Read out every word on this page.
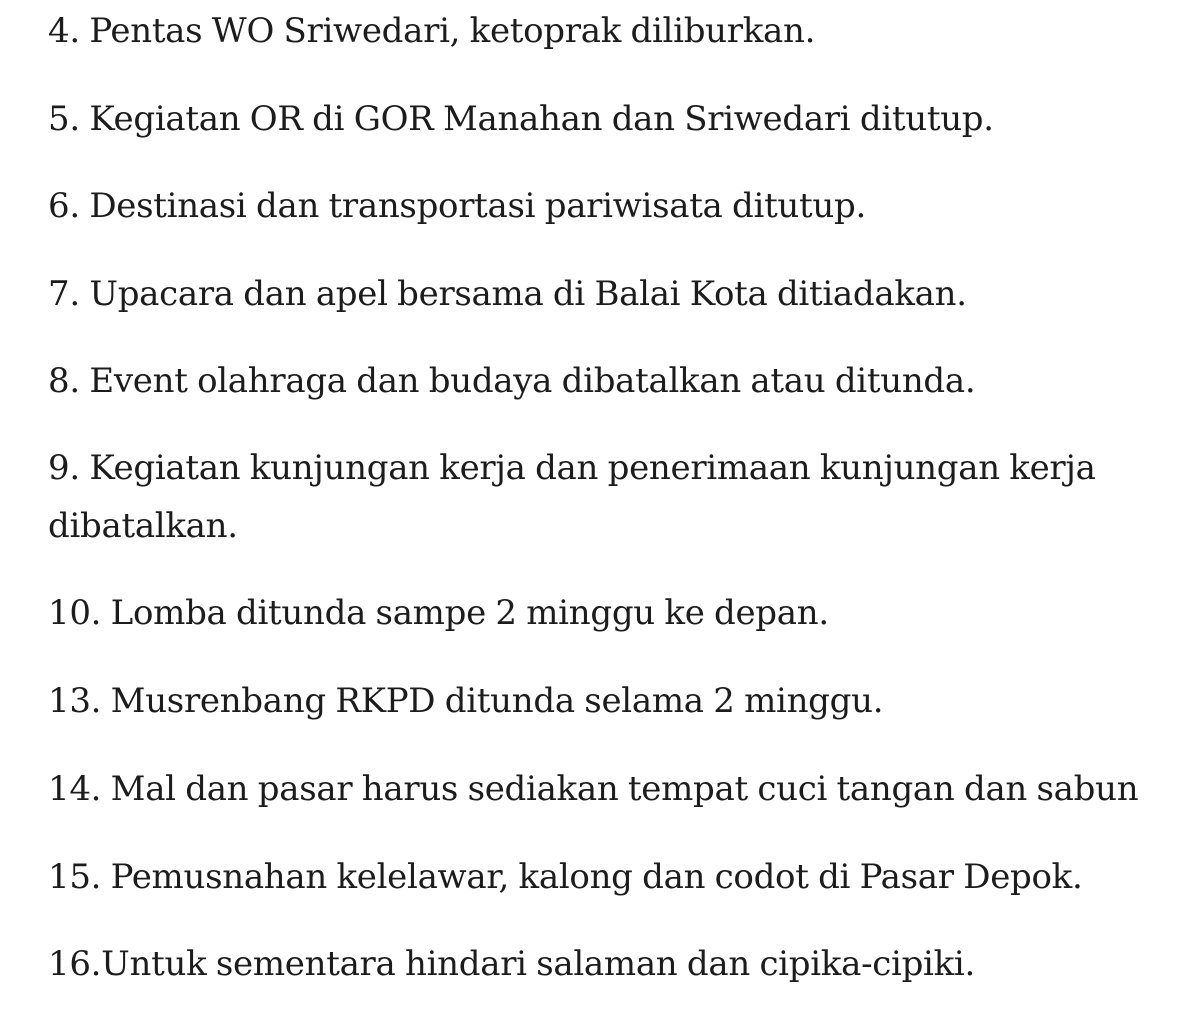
4. Pentas WO Sriwedari, ketoprak diliburkan.

5. Kegiatan OR di GOR Manahan dan Sriwedari ditutup.

6. Destinasi dan transportasi pariwisata ditutup.

7. Upacara dan apel bersama di Balai Kota ditiadakan.

8. Event olahraga dan budaya dibatalkan atau ditunda.

9. Kegiatan kunjungan kerja dan penerimaan kunjungan kerja dibatalkan.

10. Lomba ditunda sampe 2 minggu ke depan.

13. Musrenbang RKPD ditunda selama 2 minggu.

14. Mal dan pasar harus sediakan tempat cuci tangan dan sabun

15. Pemusnahan kelelawar, kalong dan codot di Pasar Depok.

16.Untuk sementara hindari salaman dan cipika-cipiki.
